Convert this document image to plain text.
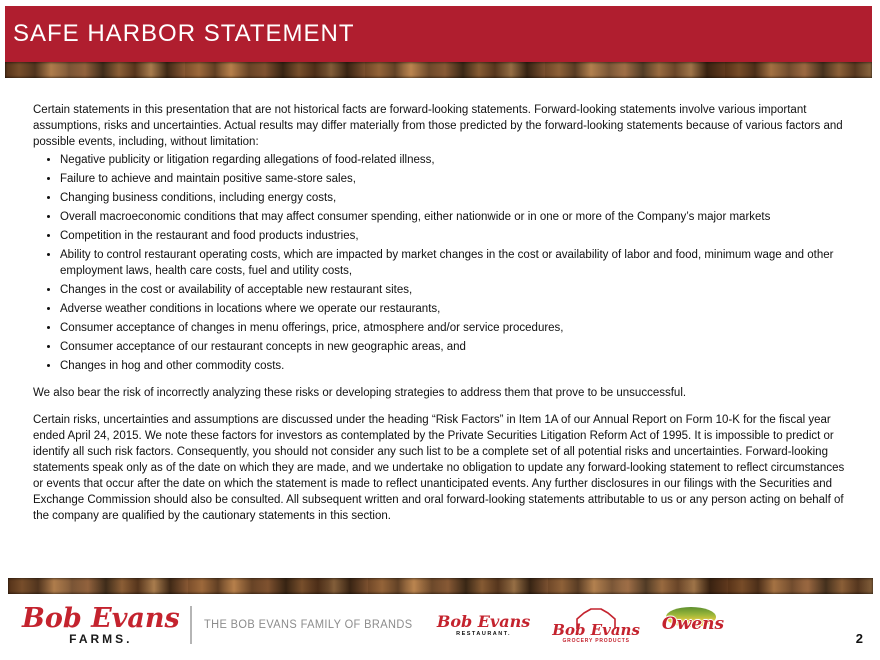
SAFE HARBOR STATEMENT

Certain statements in this presentation that are not historical facts are forward-looking statements. Forward-looking statements involve various important assumptions, risks and uncertainties. Actual results may differ materially from those predicted by the forward-looking statements because of various factors and possible events, including, without limitation:

• Negative publicity or litigation regarding allegations of food-related illness,
• Failure to achieve and maintain positive same-store sales,
• Changing business conditions, including energy costs,
• Overall macroeconomic conditions that may affect consumer spending, either nationwide or in one or more of the Company’s major markets
• Competition in the restaurant and food products industries,
• Ability to control restaurant operating costs, which are impacted by market changes in the cost or availability of labor and food, minimum wage and other employment laws, health care costs, fuel and utility costs,
• Changes in the cost or availability of acceptable new restaurant sites,
• Adverse weather conditions in locations where we operate our restaurants,
• Consumer acceptance of changes in menu offerings, price, atmosphere and/or service procedures,
• Consumer acceptance of our restaurant concepts in new geographic areas, and
• Changes in hog and other commodity costs.

We also bear the risk of incorrectly analyzing these risks or developing strategies to address them that prove to be unsuccessful.

Certain risks, uncertainties and assumptions are discussed under the heading “Risk Factors” in Item 1A of our Annual Report on Form 10-K for the fiscal year ended April 24, 2015. We note these factors for investors as contemplated by the Private Securities Litigation Reform Act of 1995. It is impossible to predict or identify all such risk factors. Consequently, you should not consider any such list to be a complete set of all potential risks and uncertainties. Forward-looking statements speak only as of the date on which they are made, and we undertake no obligation to update any forward-looking statement to reflect circumstances or events that occur after the date on which the statement is made to reflect unanticipated events. Any further disclosures in our filings with the Securities and Exchange Commission should also be consulted. All subsequent written and oral forward-looking statements attributable to us or any person acting on behalf of the company are qualified by the cautionary statements in this section.

Bob Evans
FARMS.
THE BOB EVANS FAMILY OF BRANDS Bob Evans
RESTAURANT.	Bob Evans
GROCERY PRODUCTS
Owens
2
